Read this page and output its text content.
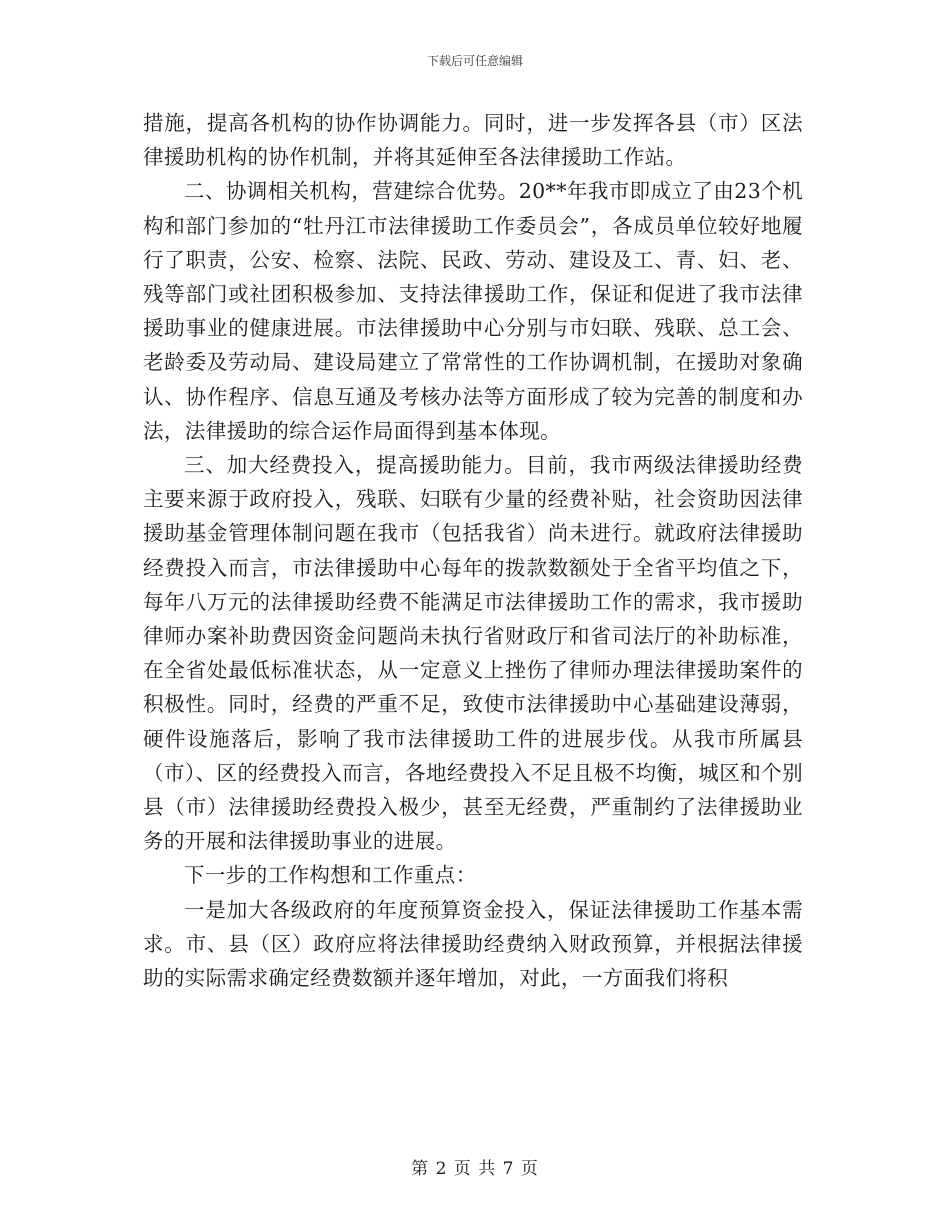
下载后可任意编辑

措施，提高各机构的协作协调能力。同时，进一步发挥各县（市）区法律援助机构的协作机制，并将其延伸至各法律援助工作站。

二、协调相关机构，营建综合优势。20**年我市即成立了由23个机构和部门参加的“牡丹江市法律援助工作委员会”，各成员单位较好地履行了职责，公安、检察、法院、民政、劳动、建设及工、青、妇、老、残等部门或社团积极参加、支持法律援助工作，保证和促进了我市法律援助事业的健康进展。市法律援助中心分别与市妇联、残联、总工会、老龄委及劳动局、建设局建立了常常性的工作协调机制，在援助对象确认、协作程序、信息互通及考核办法等方面形成了较为完善的制度和办法，法律援助的综合运作局面得到基本体现。

三、加大经费投入，提高援助能力。目前，我市两级法律援助经费主要来源于政府投入，残联、妇联有少量的经费补贴，社会资助因法律援助基金管理体制问题在我市（包括我省）尚未进行。就政府法律援助经费投入而言，市法律援助中心每年的拨款数额处于全省平均值之下，每年八万元的法律援助经费不能满足市法律援助工作的需求，我市援助律师办案补助费因资金问题尚未执行省财政厅和省司法厅的补助标准，在全省处最低标准状态，从一定意义上挫伤了律师办理法律援助案件的积极性。同时，经费的严重不足，致使市法律援助中心基础建设薄弱，硬件设施落后，影响了我市法律援助工件的进展步伐。从我市所属县（市）、区的经费投入而言，各地经费投入不足且极不均衡，城区和个别县（市）法律援助经费投入极少，甚至无经费，严重制约了法律援助业务的开展和法律援助事业的进展。

下一步的工作构想和工作重点：

一是加大各级政府的年度预算资金投入，保证法律援助工作基本需求。市、县（区）政府应将法律援助经费纳入财政预算，并根据法律援助的实际需求确定经费数额并逐年增加，对此，一方面我们将积

第 2 页 共 7 页
